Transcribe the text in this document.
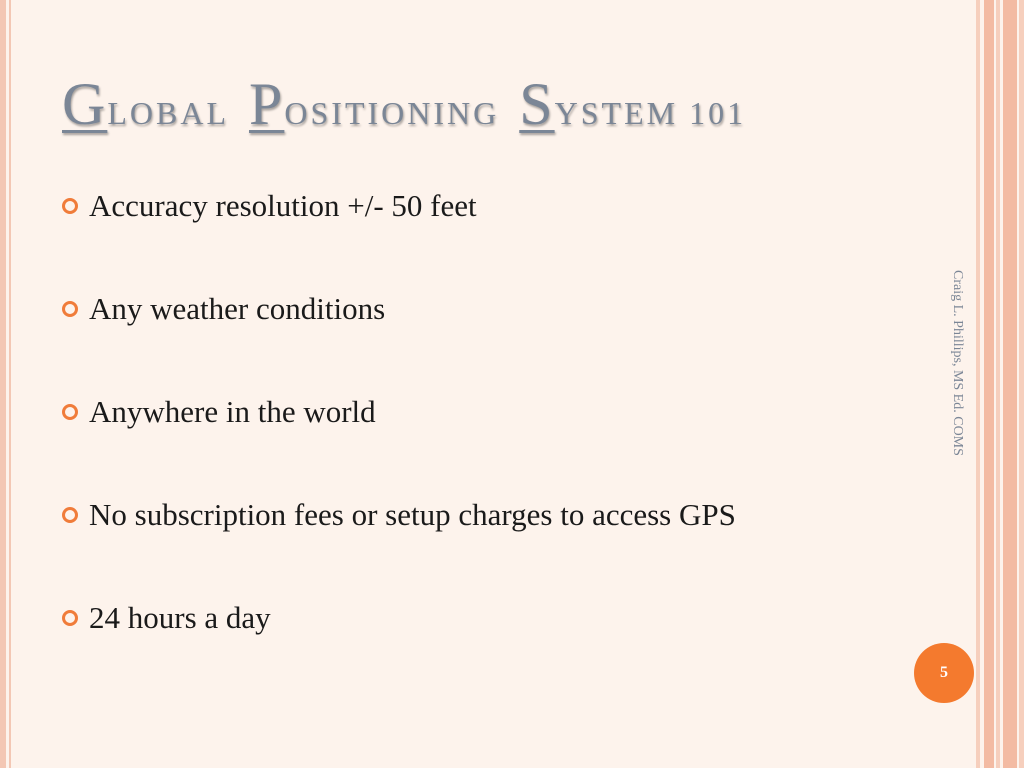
GLOBAL POSITIONING SYSTEM 101
Accuracy resolution +/- 50 feet
Any weather conditions
Anywhere in the world
No subscription fees or setup charges to access GPS
24 hours a day
Craig L. Phillips, MS Ed. COMS
5
